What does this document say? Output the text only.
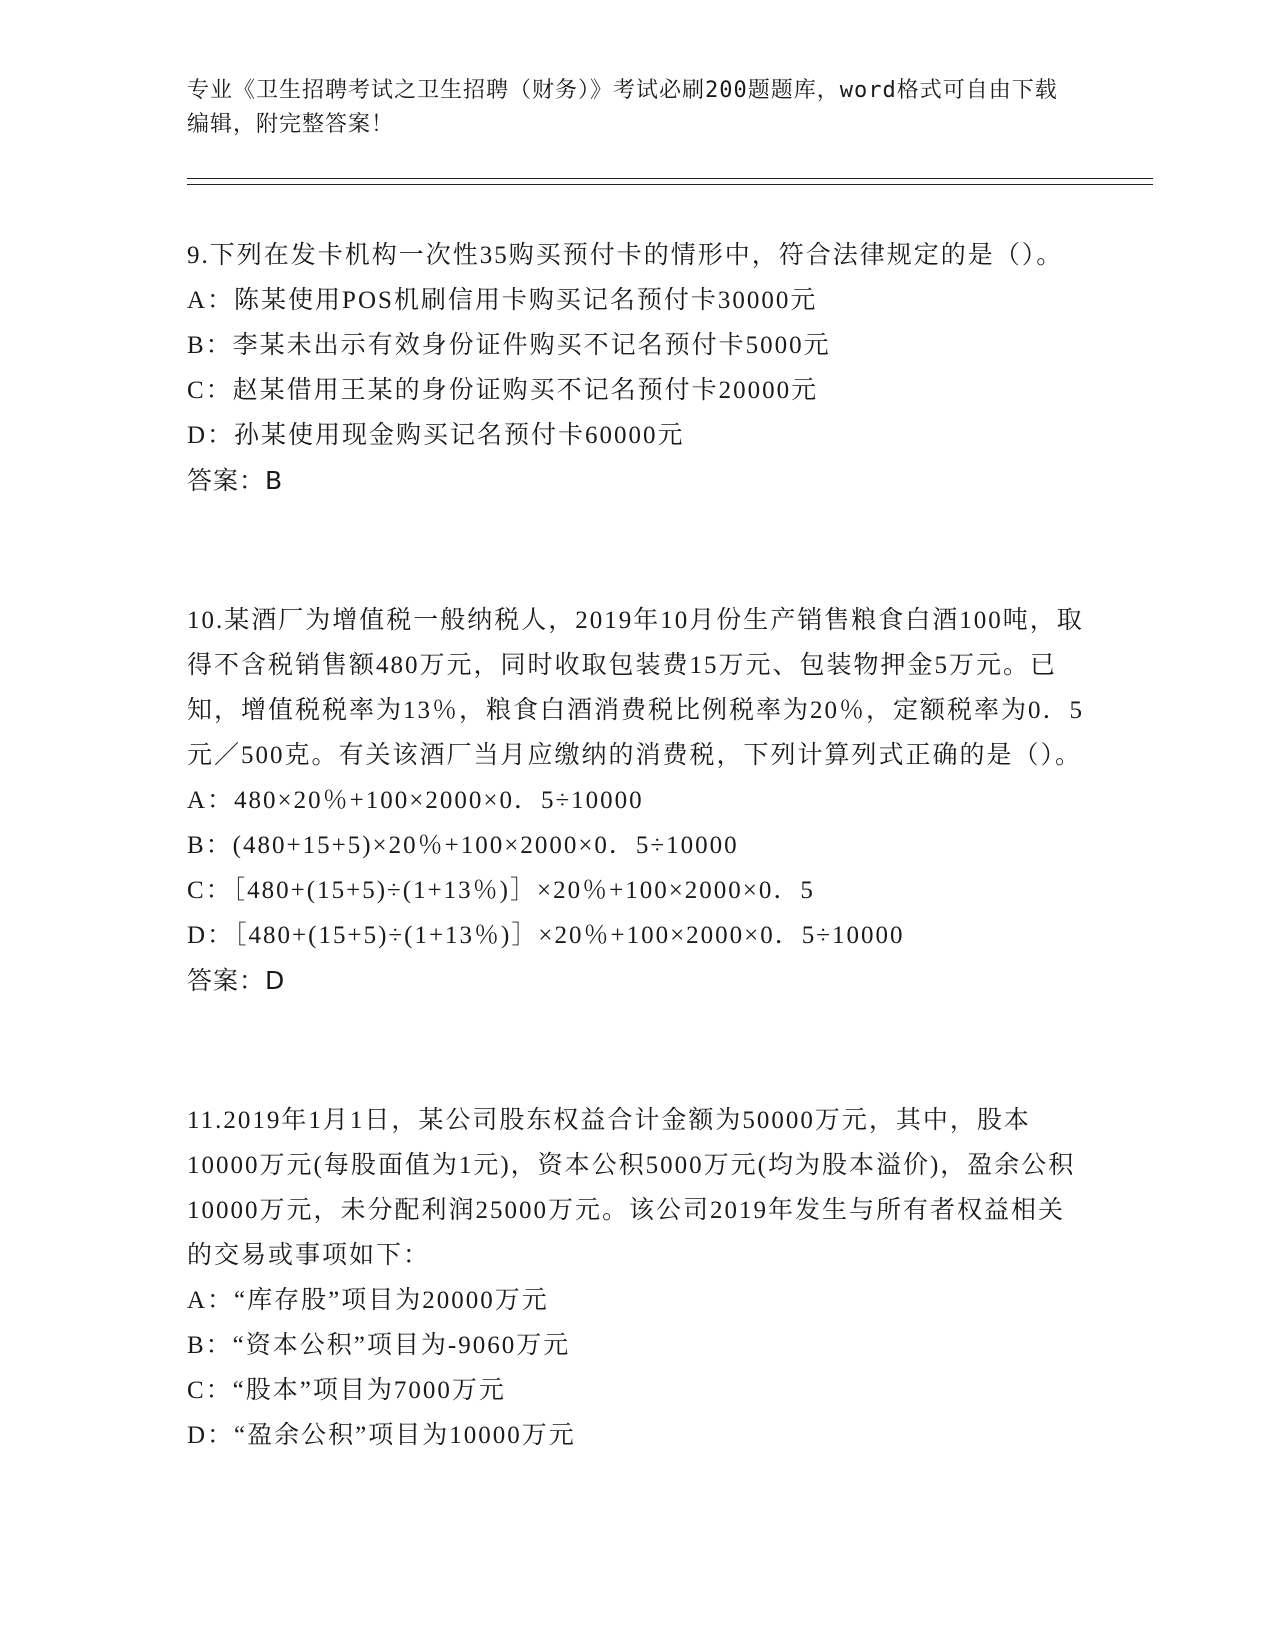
专业《卫生招聘考试之卫生招聘（财务）》考试必刷200题题库，word格式可自由下载编辑，附完整答案！
9.下列在发卡机构一次性35购买预付卡的情形中，符合法律规定的是（）。
A：陈某使用POS机刷信用卡购买记名预付卡30000元
B：李某未出示有效身份证件购买不记名预付卡5000元
C：赵某借用王某的身份证购买不记名预付卡20000元
D：孙某使用现金购买记名预付卡60000元
答案：B
10.某酒厂为增值税一般纳税人，2019年10月份生产销售粮食白酒100吨，取得不含税销售额480万元，同时收取包装费15万元、包装物押金5万元。已知，增值税税率为13％，粮食白酒消费税比例税率为20％，定额税率为0．5元／500克。有关该酒厂当月应缴纳的消费税，下列计算列式正确的是（）。
A：480×20％+100×2000×0．5÷10000
B：(480+15+5)×20％+100×2000×0．5÷10000
C：［480+(15+5)÷(1+13％)］×20％+100×2000×0．5
D：［480+(15+5)÷(1+13％)］×20％+100×2000×0．5÷10000
答案：D
11.2019年1月1日，某公司股东权益合计金额为50000万元，其中，股本10000万元(每股面值为1元)，资本公积5000万元(均为股本溢价)，盈余公积10000万元，未分配利润25000万元。该公司2019年发生与所有者权益相关的交易或事项如下：
A：“库存股”项目为20000万元
B：“资本公积”项目为-9060万元
C：“股本”项目为7000万元
D：“盈余公积”项目为10000万元
